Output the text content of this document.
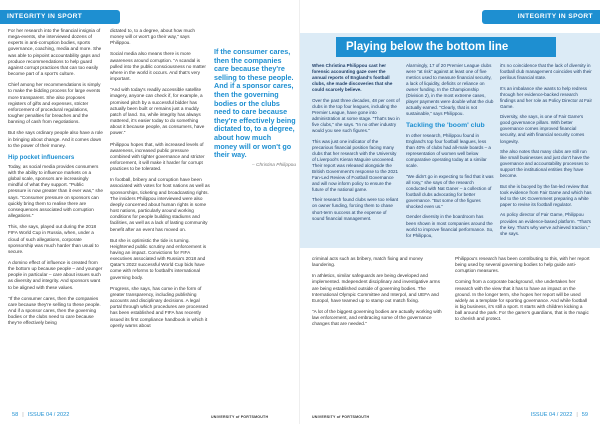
INTEGRITY IN SPORT

For her research into the financial insignia of mega-events, she interviewed dozens of experts in anti-corruption bodies, sports governance, coaching, media and more. She was able to pinpoint accountability gaps and produce recommendations to help guard against corrupt practices that can too easily become part of a sport's culture.

Chief among her recommendations is simply to make the bidding process for large events more transparent. She also proposes registers of gifts and expenses, stricter enforcement of procedural regulations, tougher penalties for breaches and the banning of cash from negotiations.

But she says ordinary people also have a role in bringing about change. And it comes down to the power of their money.

Hip pocket influencers

Today, as social media provides consumers with the ability to influence markets on a global scale, sponsors are increasingly mindful of what they support. "Public pressure is now greater than it ever was," she says. "Consumer pressure on sponsors can quickly bring them to realise there are consequences associated with corruption allegations."

This, she says, played out during the 2018 FIFA World Cup in Russia, when, under a cloud of such allegations, corporate sponsorship was much harder than usual to secure.

A domino effect of influence is created from the bottom up because people – and younger people in particular – care about issues such as diversity and integrity. And sponsors want to be aligned with these values.

"If the consumer cares, then the companies care because they're selling to these people. And if a sponsor cares, then the governing bodies or the clubs need to care because they're effectively being

dictated to, to a degree, about how much money will or won't go their way," says Philippou.

Social media also means there is more awareness around corruption. "A scandal is pulled into the public consciousness no matter where in the world it occurs. And that's very important.

"And with today's readily accessible satellite imagery, anyone can check if, for example, a promised pitch by a successful bidder has actually been built or remains just a muddy patch of land. So, while integrity has always mattered, it's easier today to do something about it because people, as consumers, have power."

Philippou hopes that, with increased levels of awareness, increased public pressure combined with tighter governance and stricter enforcement, it will make it harder for corrupt practices to be tolerated.

In football, bribery and corruption have been associated with votes for host nations as well as sponsorships, ticketing and broadcasting rights. The insiders Philippou interviewed were also deeply concerned about human rights in some host nations, particularly around working conditions for people building stadiums and facilities, as well as a lack of lasting community benefit after an event has moved on.

But she is optimistic the tide is turning. Heightened public scrutiny and enforcement is having an impact. Convictions for FIFA executives associated with Russia's 2018 and Qatar's 2022 successful World Cup bids have come with reforms to football's international governing body.

Progress, she says, has come in the form of greater transparency, including publishing accounts and disciplinary decisions. A legal portal through which procedures are processed has been established and FIFA has recently issued its first compliance handbook in which it openly warns about

If the consumer cares, then the companies care because they're selling to these people. And if a sponsor cares, then the governing bodies or the clubs need to care because they're effectively being dictated to, to a degree, about how much money will or won't go their way.
– Christina Philippou
58 | ISSUE 04 / 2022	UNIVERSITY of PORTSMOUTH
INTEGRITY IN SPORT
Playing below the bottom line

When Christina Philippou cast her forensic accounting gaze over the annual reports of England's football clubs, she made discoveries that she could scarcely believe.

Over the past three decades, 48 per cent of clubs in the top four leagues, including the Premier League, have gone into administration at some stage. "That's two in five clubs," she says. "In no other industry would you see such figures."

This was just one indicator of the precarious financial position facing many clubs that her research with the University of Liverpool's Kieran Maguire uncovered. Their report was released alongside the British Government's response to the 2021 Fan-Led Review of Football Governance and will now inform policy to ensure the future of the national game.

Their research found clubs were too reliant on owner funding, forcing them to chase short-term success at the expense of sound financial management.

Alarmingly, 17 of 20 Premier League clubs were "at risk" against at least one of five metrics used to measure financial security, a lack of liquidity, deficits or reliance on owner funding. In the Championship (Division 2), in the most extreme cases, player payments were double what the club actually earned. "Clearly, that is not sustainable," says Philippou.

Tackling the 'boom' club

In other research, Philippou found in England's top four football leagues, less than 40% of clubs had all-male boards – a representation of women well below comparative operating today at a similar scale.

"We didn't go in expecting to find that it was all rosy," she says of the research conducted with Nat Ganer – a collection of football clubs advocating for better governance. "But some of the figures shocked even us."

Gender diversity in the boardroom has been shown in most companies around the world to improve financial performance. So, for Philippou,

it's no coincidence that the lack of diversity in football club management coincides with their perilous financial state.

It's an imbalance she wants to help redress through her evidence-backed research findings and her role as Policy Director at Fair Game.

Diversity, she says, is one of Fair Game's good governance pillars. With better governance comes improved financial security, and with financial security comes longevity.

She also notes that many clubs are still run like small businesses and just don't have the governance and accountability processes to support the institutional entities they have become.

But she is buoyed by the fan-led review that took evidence from Fair Game and which has led to the UK Government preparing a white paper to revise its football regulator.

As policy director of Fair Game, Philippou provides an evidence-based platform. "That's the key. That's why we've achieved traction," she says.

criminal acts such as bribery, match fixing and money laundering.

In athletics, similar safeguards are being developed and implemented. Independent disciplinary and investigative arms are being established outside of governing bodies. The International Olympic Committee and Interpol, and UEFA and Europol, have teamed up to stamp out match fixing.

"A lot of the biggest governing bodies are actually working with law enforcement, and embracing some of the governance changes that are needed."

Philippou's research has been contributing to this, with her report being used by several governing bodies to help guide anti-corruption measures.

Coming from a corporate background, she undertakes her research with the view that it has to have an impact on the ground. In the longer term, she hopes her report will be used widely as a template for sporting governance. And while football is big business, it's still a sport. It starts with children kicking a ball around the park. For the game's guardians, that is the magic to cherish and protect.

UNIVERSITY of PORTSMOUTH	ISSUE 04 / 2022 | 59
